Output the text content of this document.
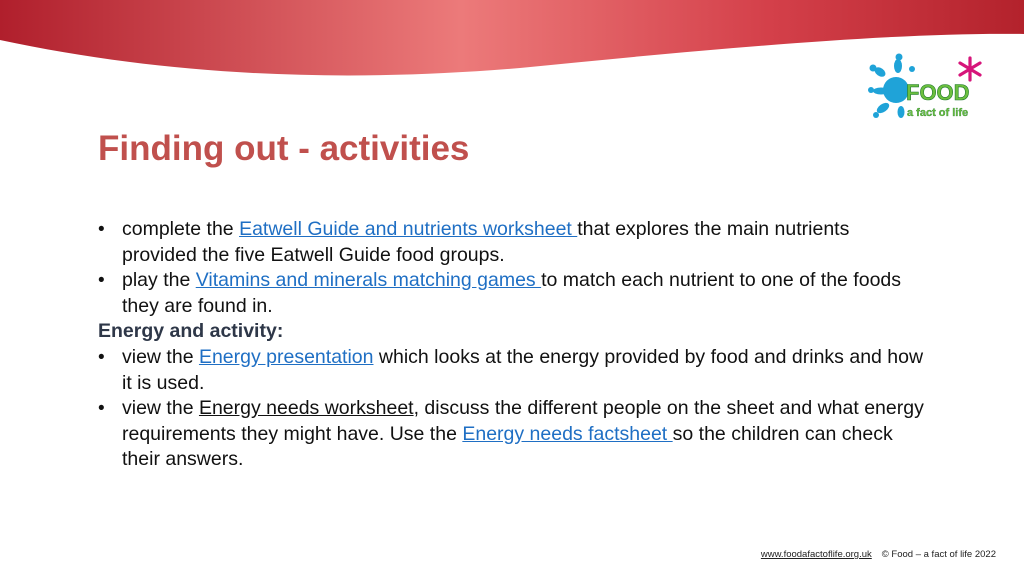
FOOD
a fact of life
Finding out - activities
• complete the Eatwell Guide and nutrients worksheet that explores the main nutrients provided the five Eatwell Guide food groups.
• play the Vitamins and minerals matching games to match each nutrient to one of the foods they are found in.
Energy and activity:
• view the Energy presentation which looks at the energy provided by food and drinks and how it is used.
• view the Energy needs worksheet, discuss the different people on the sheet and what energy requirements they might have. Use the Energy needs factsheet so the children can check their answers.
www.foodafactoflife.org.uk © Food – a fact of life 2022
